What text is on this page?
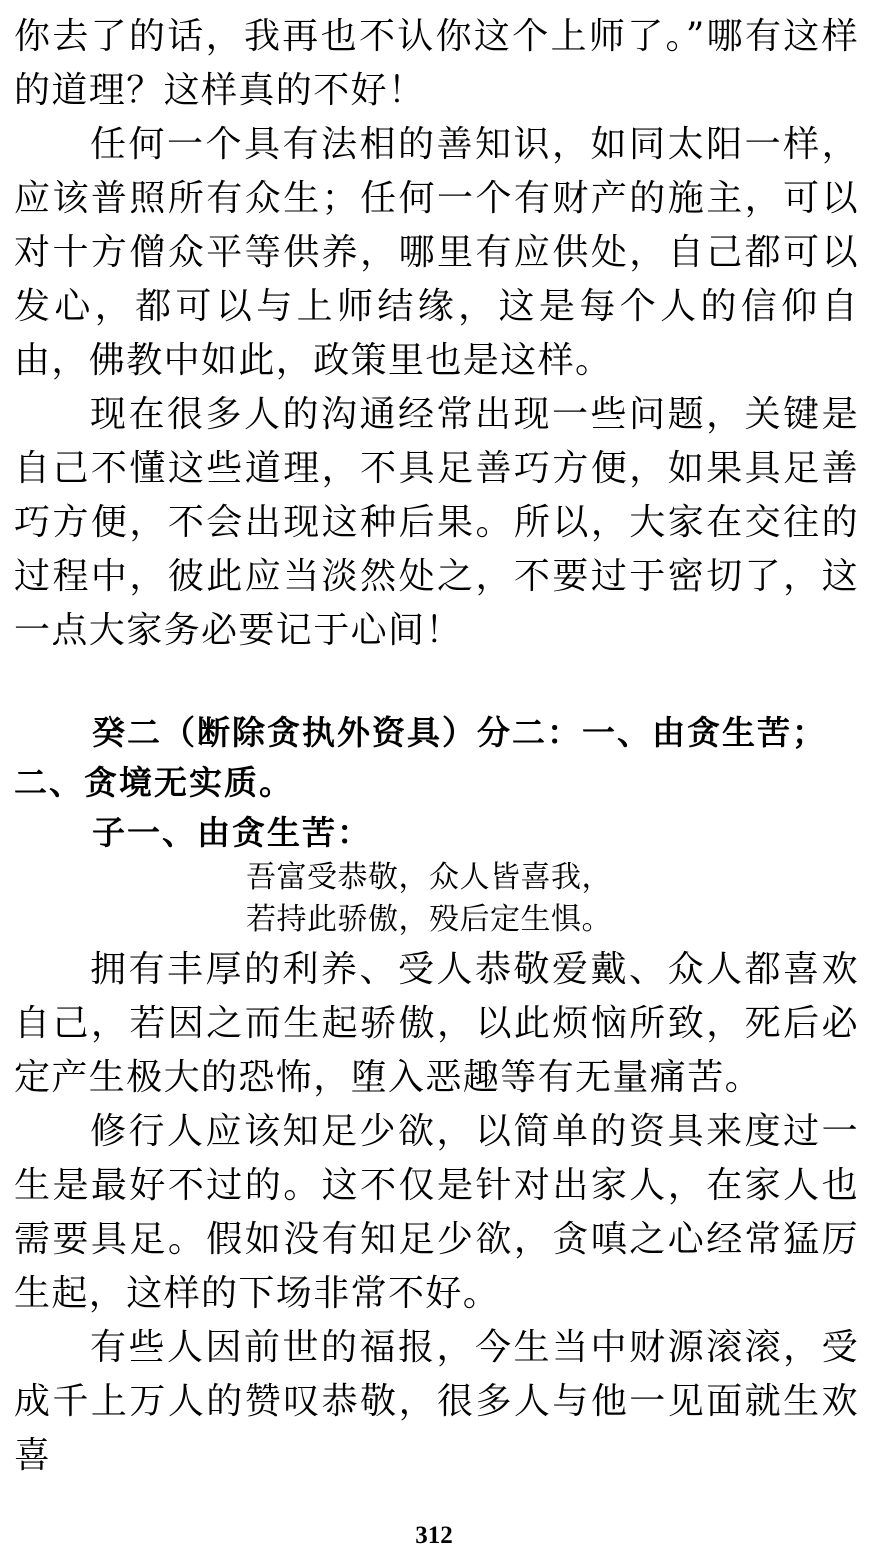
你去了的话，我再也不认你这个上师了。”哪有这样的道理？这样真的不好！

任何一个具有法相的善知识，如同太阳一样，应该普照所有众生；任何一个有财产的施主，可以对十方僧众平等供养，哪里有应供处，自己都可以发心，都可以与上师结缘，这是每个人的信仰自由，佛教中如此，政策里也是这样。

现在很多人的沟通经常出现一些问题，关键是自己不懂这些道理，不具足善巧方便，如果具足善巧方便，不会出现这种后果。所以，大家在交往的过程中，彼此应当淡然处之，不要过于密切了，这一点大家务必要记于心间！

癸二（断除贪执外资具）分二：一、由贪生苦；二、贪境无实质。

子一、由贪生苦：

吾富受恭敬，众人皆喜我，
若持此骄傲，殁后定生惧。

拥有丰厚的利养、受人恭敬爱戴、众人都喜欢自己，若因之而生起骄傲，以此烦恼所致，死后必定产生极大的恐怖，堕入恶趣等有无量痛苦。

修行人应该知足少欲，以简单的资具来度过一生是最好不过的。这不仅是针对出家人，在家人也需要具足。假如没有知足少欲，贪嗔之心经常猛厉生起，这样的下场非常不好。

有些人因前世的福报，今生当中财源滚滚，受成千上万人的赞叹恭敬，很多人与他一见面就生欢喜

312
